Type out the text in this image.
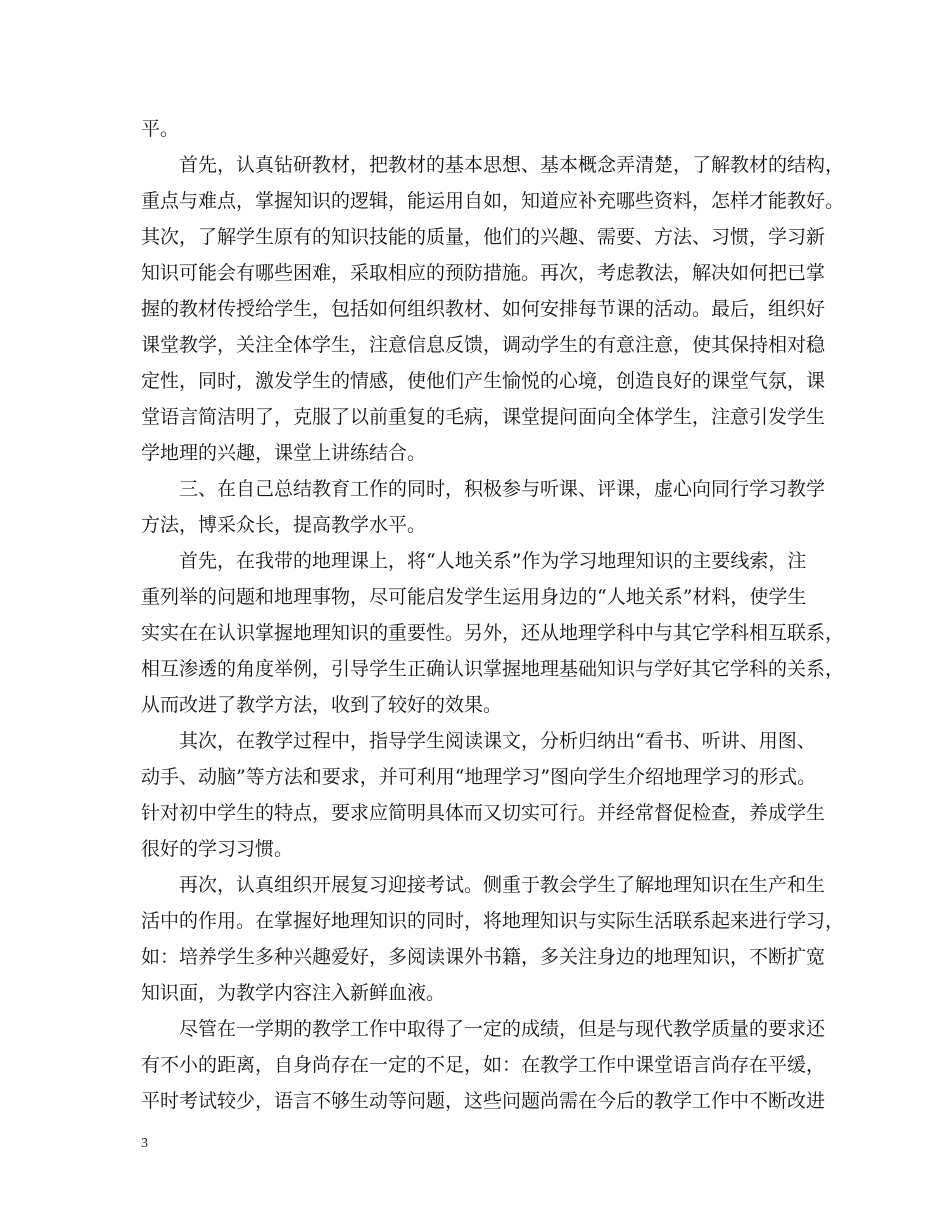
平。
首先，认真钻研教材，把教材的基本思想、基本概念弄清楚，了解教材的结构，
重点与难点，掌握知识的逻辑，能运用自如，知道应补充哪些资料，怎样才能教好。
其次，了解学生原有的知识技能的质量，他们的兴趣、需要、方法、习惯，学习新
知识可能会有哪些困难，采取相应的预防措施。再次，考虑教法，解决如何把已掌
握的教材传授给学生，包括如何组织教材、如何安排每节课的活动。最后，组织好
课堂教学，关注全体学生，注意信息反馈，调动学生的有意注意，使其保持相对稳
定性，同时，激发学生的情感，使他们产生愉悦的心境，创造良好的课堂气氛，课
堂语言简洁明了，克服了以前重复的毛病，课堂提问面向全体学生，注意引发学生
学地理的兴趣，课堂上讲练结合。
三、在自己总结教育工作的同时，积极参与听课、评课，虚心向同行学习教学
方法，博采众长，提高教学水平。
首先，在我带的地理课上，将“人地关系”作为学习地理知识的主要线索，注
重列举的问题和地理事物，尽可能启发学生运用身边的“人地关系”材料，使学生
实实在在认识掌握地理知识的重要性。另外，还从地理学科中与其它学科相互联系，
相互渗透的角度举例，引导学生正确认识掌握地理基础知识与学好其它学科的关系，
从而改进了教学方法，收到了较好的效果。
其次，在教学过程中，指导学生阅读课文，分析归纳出“看书、听讲、用图、
动手、动脑”等方法和要求，并可利用“地理学习”图向学生介绍地理学习的形式。
针对初中学生的特点，要求应简明具体而又切实可行。并经常督促检查，养成学生
很好的学习习惯。
再次，认真组织开展复习迎接考试。侧重于教会学生了解地理知识在生产和生
活中的作用。在掌握好地理知识的同时，将地理知识与实际生活联系起来进行学习，
如：培养学生多种兴趣爱好，多阅读课外书籍，多关注身边的地理知识，不断扩宽
知识面，为教学内容注入新鲜血液。
尽管在一学期的教学工作中取得了一定的成绩，但是与现代教学质量的要求还
有不小的距离，自身尚存在一定的不足，如：在教学工作中课堂语言尚存在平缓，
平时考试较少，语言不够生动等问题，这些问题尚需在今后的教学工作中不断改进
3
